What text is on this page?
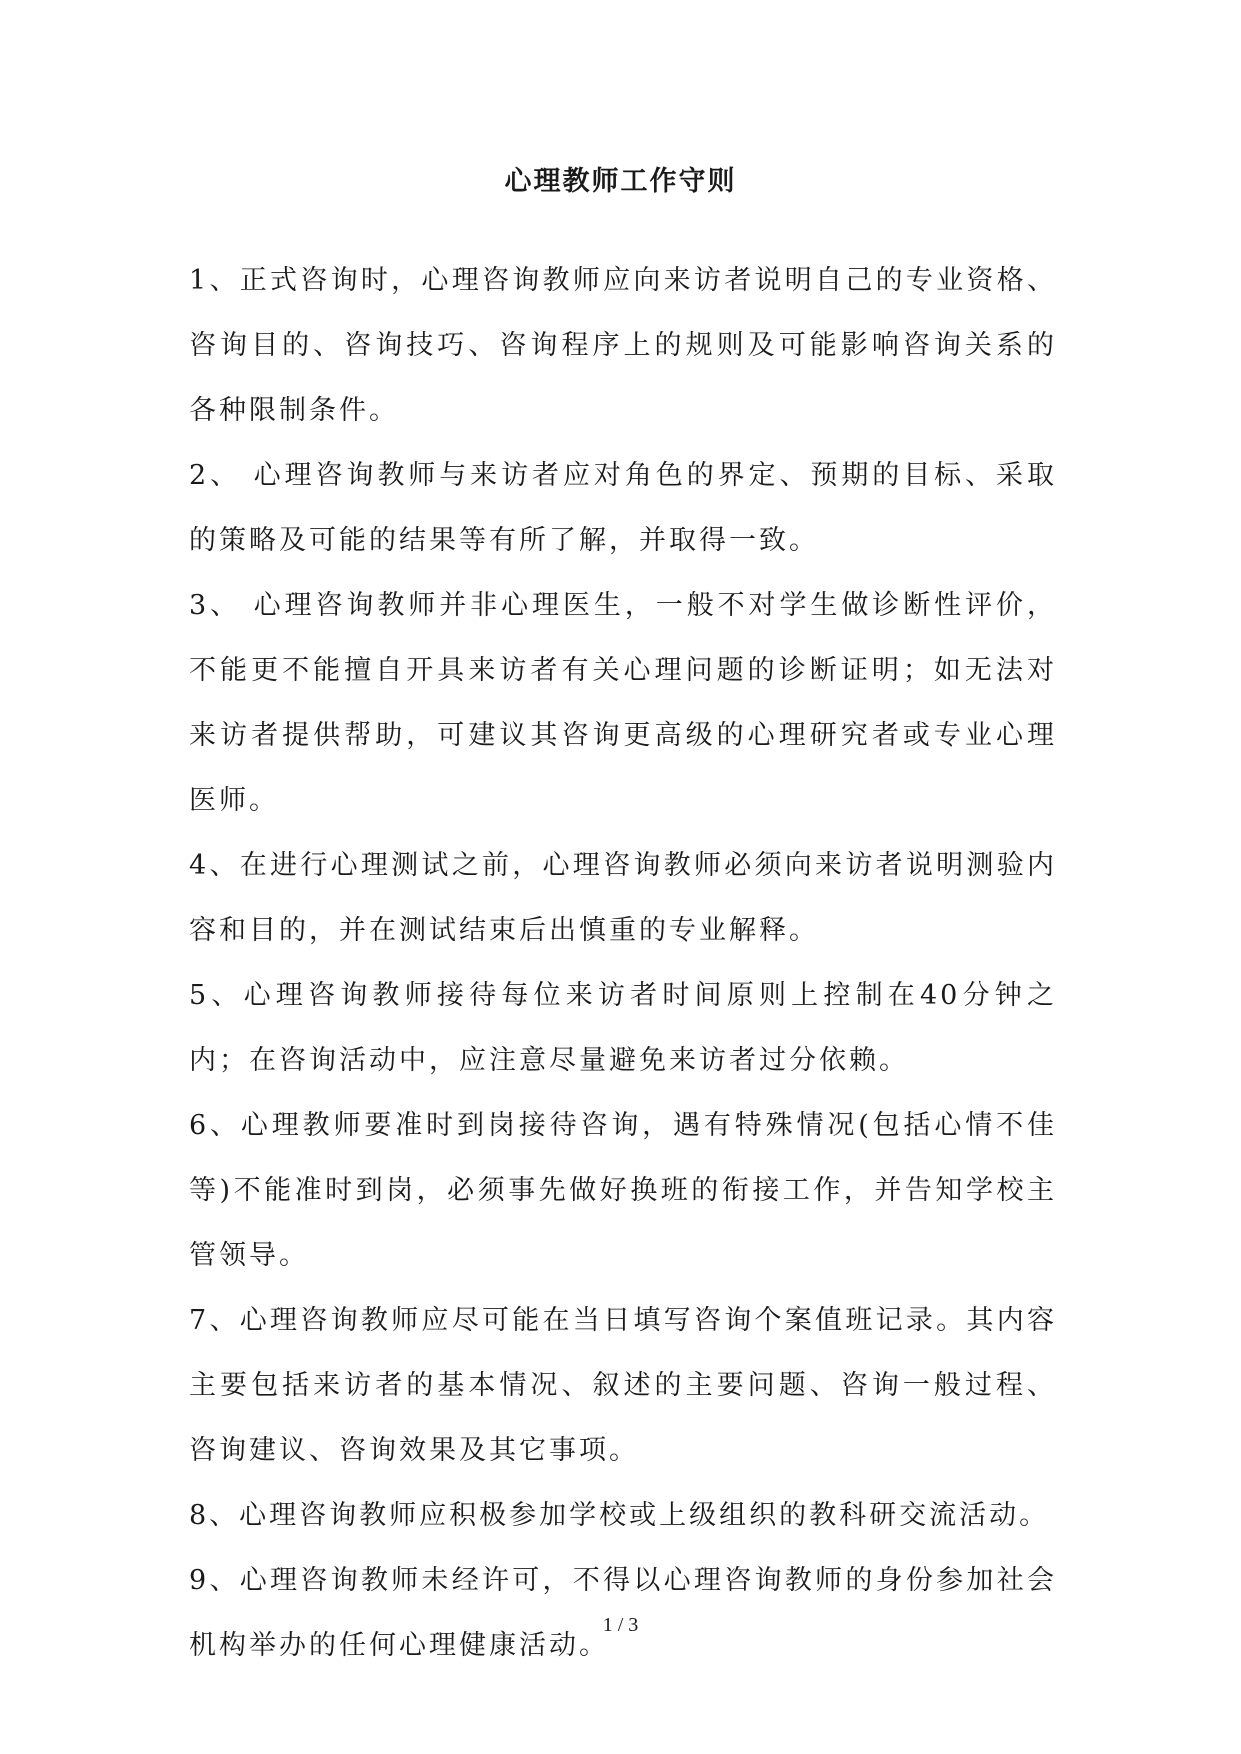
心理教师工作守则
1、正式咨询时，心理咨询教师应向来访者说明自己的专业资格、咨询目的、咨询技巧、咨询程序上的规则及可能影响咨询关系的各种限制条件。
2、 心理咨询教师与来访者应对角色的界定、预期的目标、采取的策略及可能的结果等有所了解，并取得一致。
3、 心理咨询教师并非心理医生，一般不对学生做诊断性评价，不能更不能擅自开具来访者有关心理问题的诊断证明；如无法对来访者提供帮助，可建议其咨询更高级的心理研究者或专业心理医师。
4、在进行心理测试之前，心理咨询教师必须向来访者说明测验内容和目的，并在测试结束后出慎重的专业解释。
5、心理咨询教师接待每位来访者时间原则上控制在40分钟之内；在咨询活动中，应注意尽量避免来访者过分依赖。
6、心理教师要准时到岗接待咨询，遇有特殊情况(包括心情不佳等)不能准时到岗，必须事先做好换班的衔接工作，并告知学校主管领导。
7、心理咨询教师应尽可能在当日填写咨询个案值班记录。其内容主要包括来访者的基本情况、叙述的主要问题、咨询一般过程、咨询建议、咨询效果及其它事项。
8、心理咨询教师应积极参加学校或上级组织的教科研交流活动。
9、心理咨询教师未经许可，不得以心理咨询教师的身份参加社会机构举办的任何心理健康活动。
1 / 3
